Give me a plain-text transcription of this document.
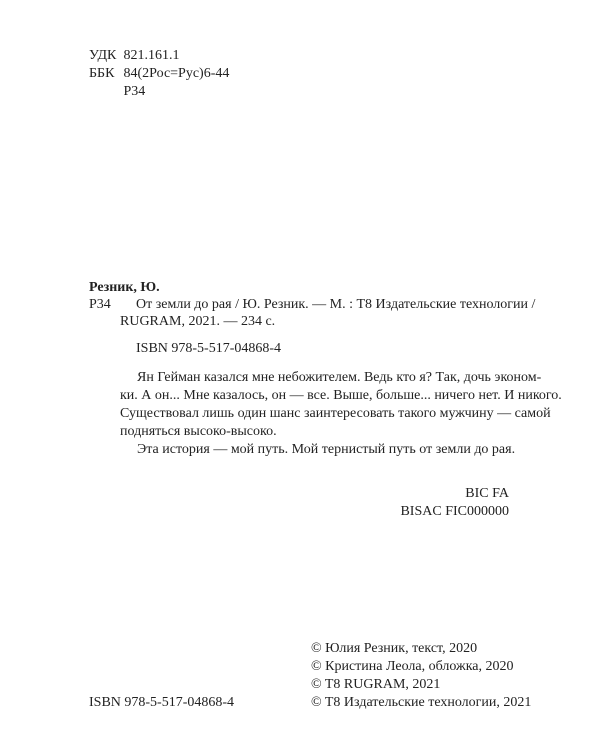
УДК 821.161.1
ББК 84(2Рос=Рус)6-44
Р34
Резник, Ю.
Р34 От земли до рая / Ю. Резник. — М. : T8 Издательские технологии /
RUGRAM, 2021. — 234 с.
ISBN 978-5-517-04868-4
Ян Гейман казался мне небожителем. Ведь кто я? Так, дочь эконом-
ки. А он... Мне казалось, он — все. Выше, больше... ничего нет. И никого.
Существовал лишь один шанс заинтересовать такого мужчину — самой
подняться высоко-высоко.
Эта история — мой путь. Мой тернистый путь от земли до рая.
BIC FA
BISAC FIC000000
© Юлия Резник, текст, 2020
© Кристина Леола, обложка, 2020
© T8 RUGRAM, 2021
© T8 Издательские технологии, 2021
ISBN 978-5-517-04868-4
